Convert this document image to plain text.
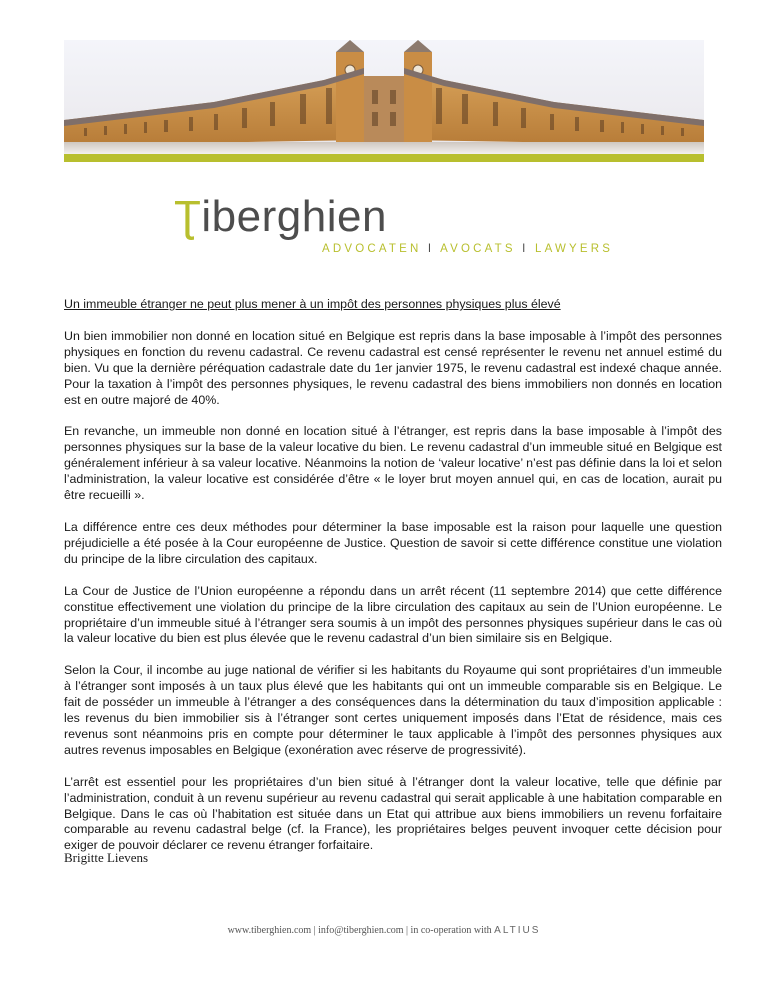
Ʈiberghien
ADVOCATEN I AVOCATS I LAWYERS
Un immeuble étranger ne peut plus mener à un impôt des personnes physiques plus élevé

Un bien immobilier non donné en location situé en Belgique est repris dans la base imposable à l’impôt des personnes physiques en fonction du revenu cadastral. Ce revenu cadastral est censé représenter le revenu net annuel estimé du bien. Vu que la dernière péréquation cadastrale date du 1er janvier 1975, le revenu cadastral est indexé chaque année. Pour la taxation à l’impôt des personnes physiques, le revenu cadastral des biens immobiliers non donnés en location est en outre majoré de 40%.

En revanche, un immeuble non donné en location situé à l’étranger, est repris dans la base imposable à l’impôt des personnes physiques sur la base de la valeur locative du bien. Le revenu cadastral d’un immeuble situé en Belgique est généralement inférieur à sa valeur locative. Néanmoins la notion de ‘valeur locative’ n’est pas définie dans la loi et selon l’administration, la valeur locative est considérée d’être « le loyer brut moyen annuel qui, en cas de location, aurait pu être recueilli ».

La différence entre ces deux méthodes pour déterminer la base imposable est la raison pour laquelle une question préjudicielle a été posée à la Cour européenne de Justice. Question de savoir si cette différence constitue une violation du principe de la libre circulation des capitaux.

La Cour de Justice de l’Union européenne a répondu dans un arrêt récent (11 septembre 2014) que cette différence constitue effectivement une violation du principe de la libre circulation des capitaux au sein de l’Union européenne. Le propriétaire d’un immeuble situé à l’étranger sera soumis à un impôt des personnes physiques supérieur dans le cas où la valeur locative du bien est plus élevée que le revenu cadastral d’un bien similaire sis en Belgique.

Selon la Cour, il incombe au juge national de vérifier si les habitants du Royaume qui sont propriétaires d’un immeuble à l’étranger sont imposés à un taux plus élevé que les habitants qui ont un immeuble comparable sis en Belgique. Le fait de posséder un immeuble à l’étranger a des conséquences dans la détermination du taux d’imposition applicable : les revenus du bien immobilier sis à l’étranger sont certes uniquement imposés dans l’Etat de résidence, mais ces revenus sont néanmoins pris en compte pour déterminer le taux applicable à l’impôt des personnes physiques aux autres revenus imposables en Belgique (exonération avec réserve de progressivité).

L’arrêt est essentiel pour les propriétaires d’un bien situé à l’étranger dont la valeur locative, telle que définie par l’administration, conduit à un revenu supérieur au revenu cadastral qui serait applicable à une habitation comparable en Belgique. Dans le cas où l’habitation est située dans un Etat qui attribue aux biens immobiliers un revenu forfaitaire comparable au revenu cadastral belge (cf. la France), les propriétaires belges peuvent invoquer cette décision pour exiger de pouvoir déclarer ce revenu étranger forfaitaire.

Brigitte Lievens
www.tiberghien.com | info@tiberghien.com | in co-operation with ALTIUS
